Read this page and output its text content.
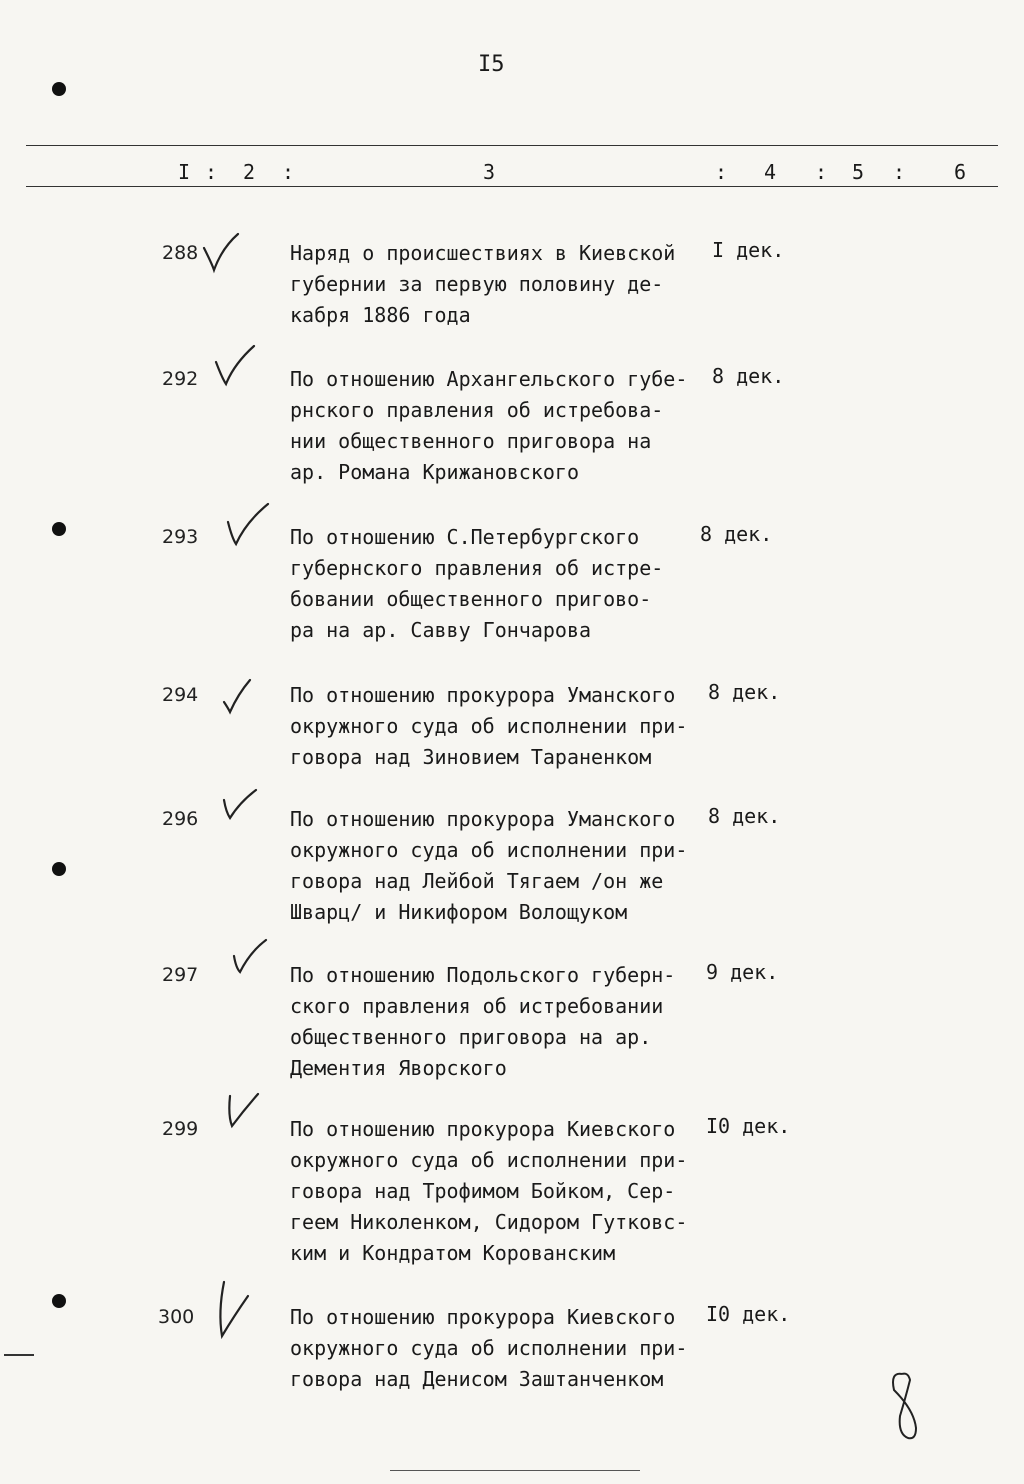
I5
I : 2 :	3	: 4 : 5 : 6
288	Наряд о происшествиях в Киевской
губернии за первую половину де-
кабря 1886 года
I дек.
292	По отношению Архангельского губе-
рнского правления об истребова-
нии общественного приговора на
ар. Романа Крижановского
8 дек.
293	По отношению С.Петербургского
губернского правления об истре-
бовании общественного пригово-
ра на ар. Савву Гончарова
8 дек.
294	По отношению прокурора Уманского
окружного суда об исполнении при-
говора над Зиновием Тараненком
8 дек.
296	По отношению прокурора Уманского
окружного суда об исполнении при-
говора над Лейбой Тягаем /он же
Шварц/ и Никифором Волощуком
8 дек.
297	По отношению Подольского губерн-
ского правления об истребовании
общественного приговора на ар.
Дементия Яворского
9 дек.
299	По отношению прокурора Киевского
окружного суда об исполнении при-
говора над Трофимом Бойком, Сер-
геем Николенком, Сидором Гутковс-
ким и Кондратом Корованским
I0 дек.
300	По отношению прокурора Киевского
окружного суда об исполнении при-
говора над Денисом Заштанченком
I0 дек.
